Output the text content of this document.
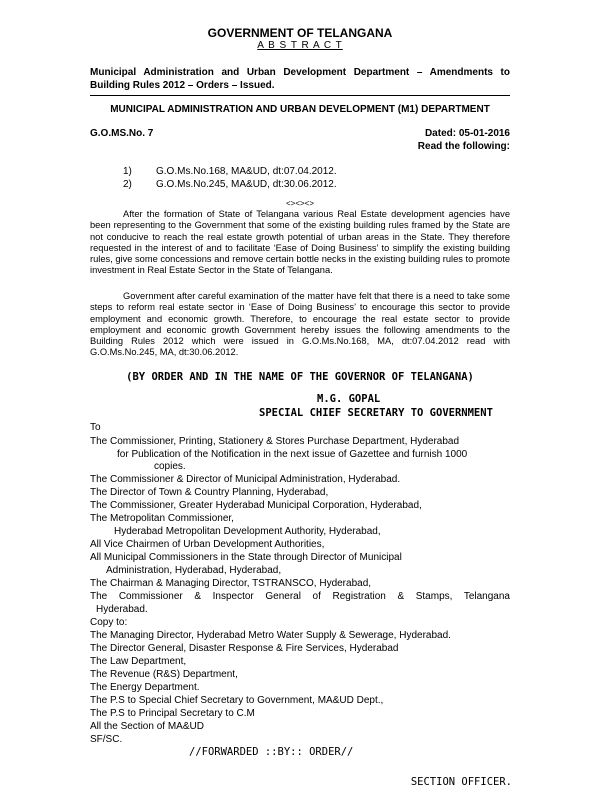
GOVERNMENT OF TELANGANA
A B S T R A C T
Municipal Administration and Urban Development Department – Amendments to Building Rules 2012 – Orders – Issued.
MUNICIPAL ADMINISTRATION AND URBAN DEVELOPMENT (M1) DEPARTMENT
G.O.MS.No. 7	Dated: 05-01-2016
Read the following:
1) G.O.Ms.No.168, MA&UD, dt:07.04.2012.
2) G.O.Ms.No.245, MA&UD, dt:30.06.2012.
<><><>
After the formation of State of Telangana various Real Estate development agencies have been representing to the Government that some of the existing building rules framed by the State are not conducive to reach the real estate growth potential of urban areas in the State. They therefore requested in the interest of and to facilitate ‘Ease of Doing Business’ to simplify the existing building rules, give some concessions and remove certain bottle necks in the existing building rules to promote investment in Real Estate Sector in the State of Telangana.
Government after careful examination of the matter have felt that there is a need to take some steps to reform real estate sector in ‘Ease of Doing Business’ to encourage this sector to provide employment and economic growth. Therefore, to encourage the real estate sector to provide employment and economic growth Government hereby issues the following amendments to the Building Rules 2012 which were issued in G.O.Ms.No.168, MA, dt:07.04.2012 read with G.O.Ms.No.245, MA, dt:30.06.2012.
(BY ORDER AND IN THE NAME OF THE GOVERNOR OF TELANGANA)
M.G. GOPAL
SPECIAL CHIEF SECRETARY TO GOVERNMENT
To
The Commissioner, Printing, Stationery & Stores Purchase Department, Hyderabad
for Publication of the Notification in the next issue of Gazettee and furnish 1000
copies.
The Commissioner & Director of Municipal Administration, Hyderabad.
The Director of Town & Country Planning, Hyderabad,
The Commissioner, Greater Hyderabad Municipal Corporation, Hyderabad,
The Metropolitan Commissioner,
Hyderabad Metropolitan Development Authority, Hyderabad,
All Vice Chairmen of Urban Development Authorities,
All Municipal Commissioners in the State through Director of Municipal
Administration, Hyderabad, Hyderabad,
The Chairman & Managing Director, TSTRANSCO, Hyderabad,
The Commissioner & Inspector General of Registration & Stamps, Telangana
Hyderabad.
Copy to:
The Managing Director, Hyderabad Metro Water Supply & Sewerage, Hyderabad.
The Director General, Disaster Response & Fire Services, Hyderabad
The Law Department,
The Revenue (R&S) Department,
The Energy Department.
The P.S to Special Chief Secretary to Government, MA&UD Dept.,
The P.S to Principal Secretary to C.M
All the Section of MA&UD
SF/SC.
//FORWARDED ::BY:: ORDER//
SECTION OFFICER.
